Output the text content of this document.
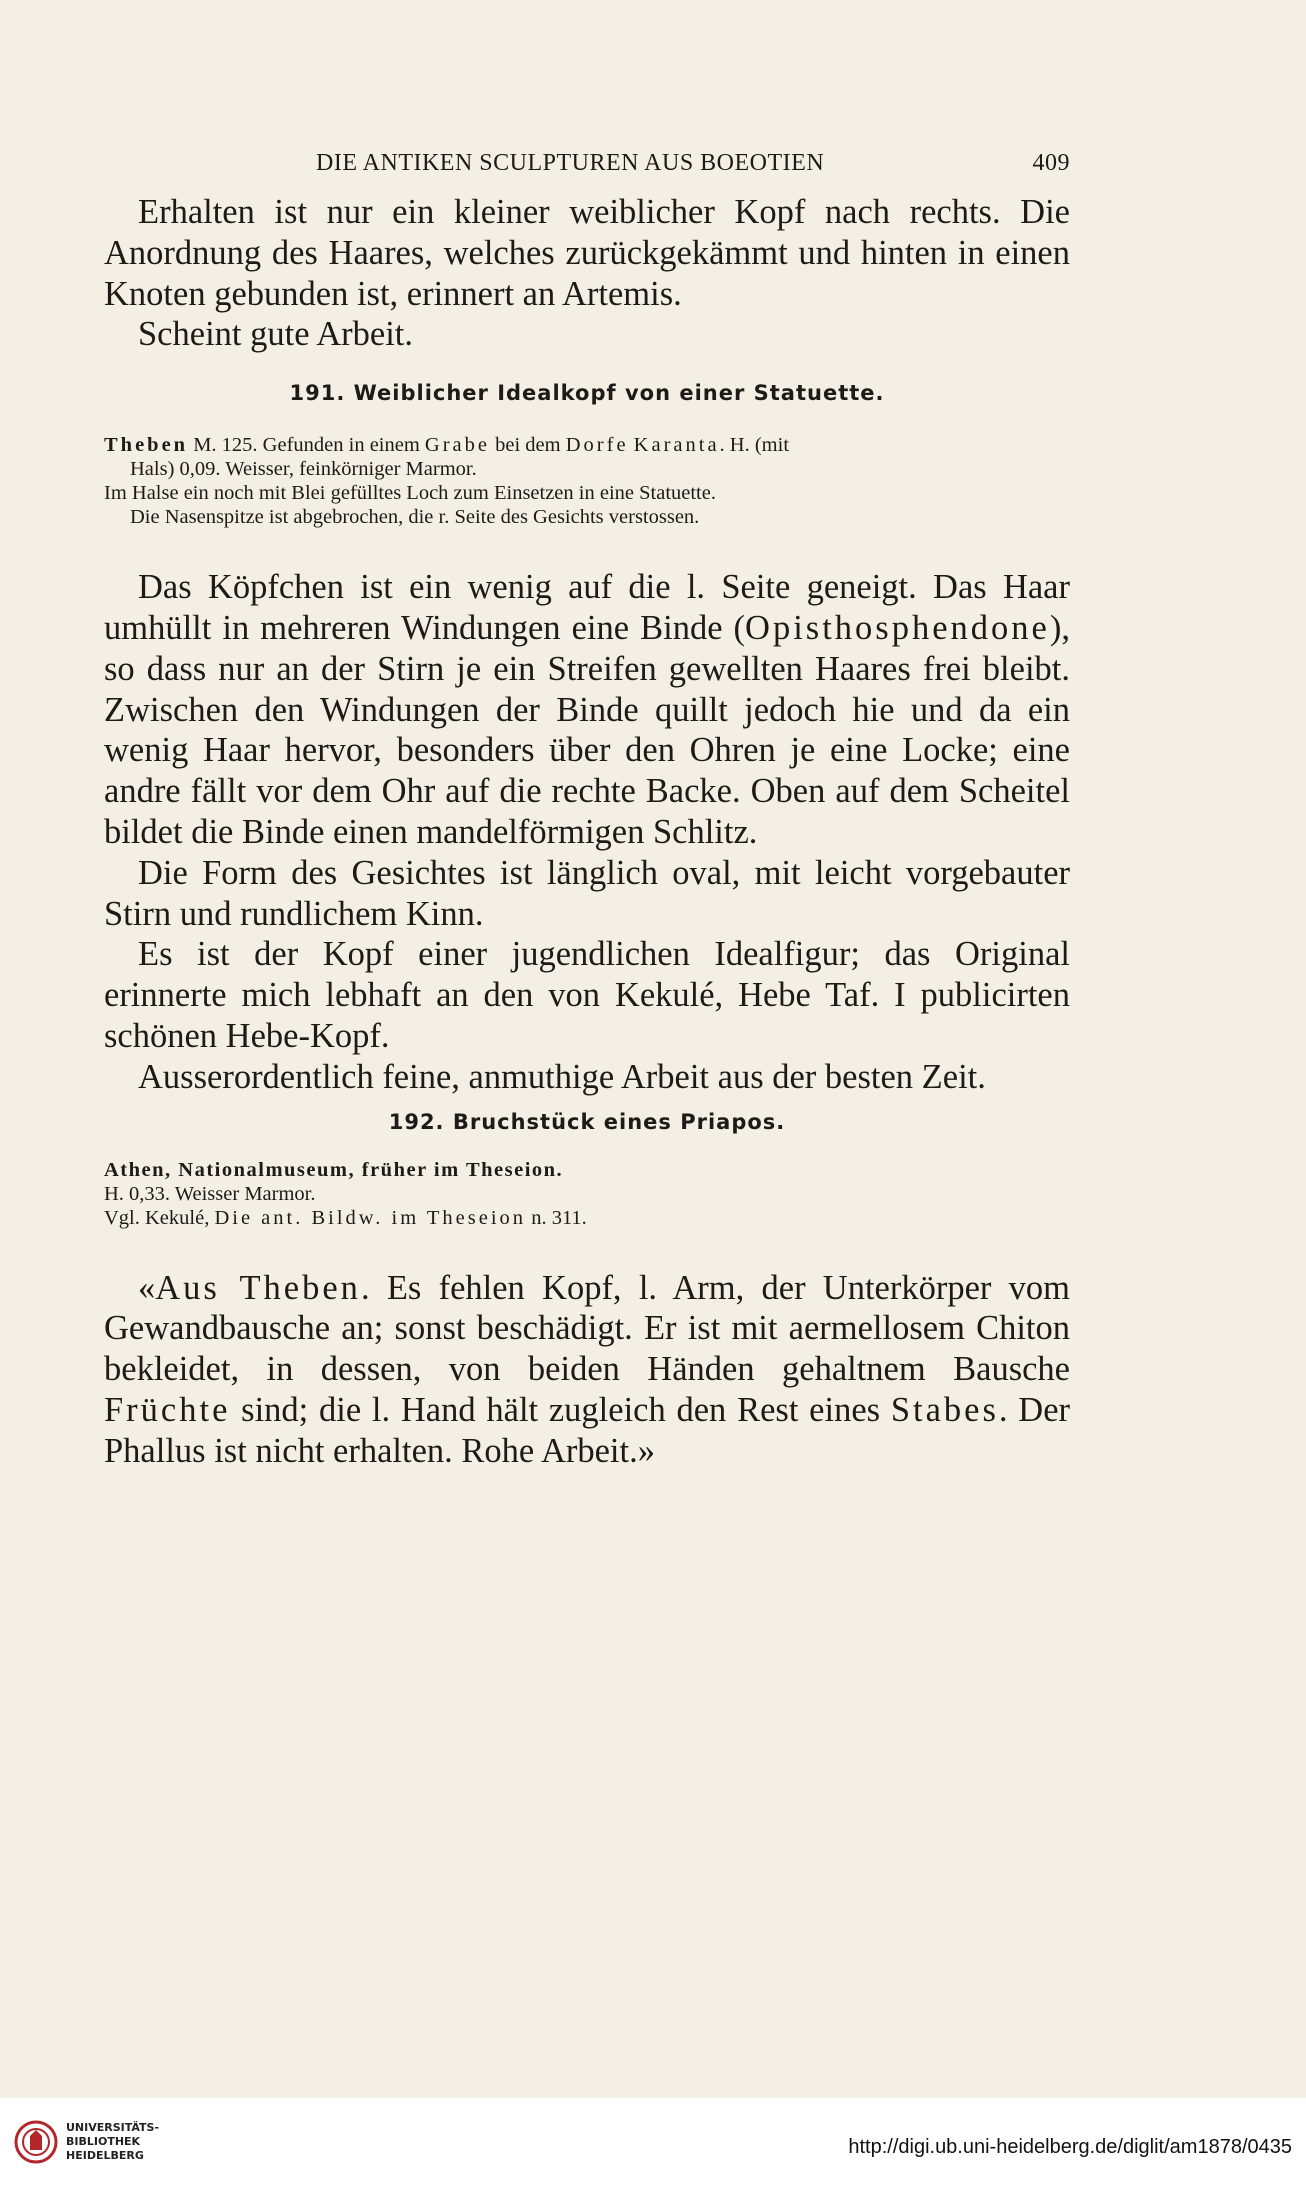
DIE ANTIKEN SCULPTUREN AUS BOEOTIEN	409

Erhalten ist nur ein kleiner weiblicher Kopf nach rechts. Die Anordnung des Haares, welches zurückgekämmt und hinten in einen Knoten gebunden ist, erinnert an Artemis.

Scheint gute Arbeit.

191. Weiblicher Idealkopf von einer Statuette.

Theben M. 125. Gefunden in einem Grabe bei dem Dorfe Karanta. H. (mit

Hals) 0,09. Weisser, feinkörniger Marmor.

Im Halse ein noch mit Blei gefülltes Loch zum Einsetzen in eine Statuette.

Die Nasenspitze ist abgebrochen, die r. Seite des Gesichts verstossen.

Das Köpfchen ist ein wenig auf die l. Seite geneigt. Das Haar umhüllt in mehreren Windungen eine Binde (Opisthosphendone), so dass nur an der Stirn je ein Streifen gewellten Haares frei bleibt. Zwischen den Windungen der Binde quillt jedoch hie und da ein wenig Haar hervor, besonders über den Ohren je eine Locke; eine andre fällt vor dem Ohr auf die rechte Backe. Oben auf dem Scheitel bildet die Binde einen mandelförmigen Schlitz.

Die Form des Gesichtes ist länglich oval, mit leicht vorgebauter Stirn und rundlichem Kinn.

Es ist der Kopf einer jugendlichen Idealfigur; das Original erinnerte mich lebhaft an den von Kekulé, Hebe Taf. I publicirten schönen Hebe-Kopf.

Ausserordentlich feine, anmuthige Arbeit aus der besten Zeit.

192. Bruchstück eines Priapos.

Athen, Nationalmuseum, früher im Theseion.

H. 0,33. Weisser Marmor.

Vgl. Kekulé, Die ant. Bildw. im Theseion n. 311.

«Aus Theben. Es fehlen Kopf, l. Arm, der Unterkörper vom Gewandbausche an; sonst beschädigt. Er ist mit aermellosem Chiton bekleidet, in dessen, von beiden Händen gehaltnem Bausche Früchte sind; die l. Hand hält zugleich den Rest eines Stabes. Der Phallus ist nicht erhalten. Rohe Arbeit.»

UNIVERSITÄTS-
BIBLIOTHEK
HEIDELBERG	http://digi.ub.uni-heidelberg.de/diglit/am1878/0435
